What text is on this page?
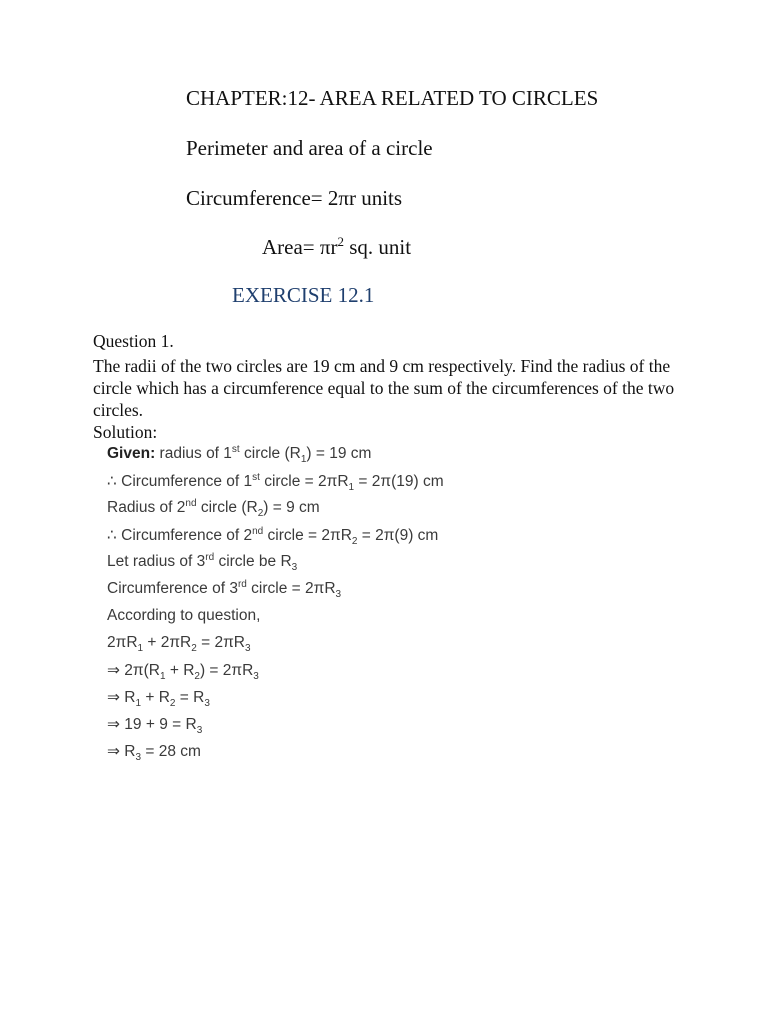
CHAPTER:12- AREA RELATED TO CIRCLES
Perimeter and area of a circle
Circumference= 2πr units
Area= $\pi r^2$ sq. unit
EXERCISE 12.1
Question 1.
The radii of the two circles are 19 cm and 9 cm respectively. Find the radius of the circle which has a circumference equal to the sum of the circumferences of the two circles.
Solution:
Given: radius of 1st circle $(R_1) = 19$ cm
∴ Circumference of 1st circle = $2\pi R_1 = 2\pi(19)$ cm
Radius of 2nd circle $(R_2) = 9$ cm
∴ Circumference of 2nd circle = $2\pi R_2 = 2\pi(9)$ cm
Let radius of 3rd circle be $R_3$
Circumference of 3rd circle = $2\pi R_3$
According to question,
$2\pi R_1 + 2\pi R_2 = 2\pi R_3$
⇒ $2\pi(R_1 + R_2) = 2\pi R_3$
⇒ $R_1 + R_2 = R_3$
⇒ $19 + 9 = R_3$
⇒ $R_3 = 28$ cm
